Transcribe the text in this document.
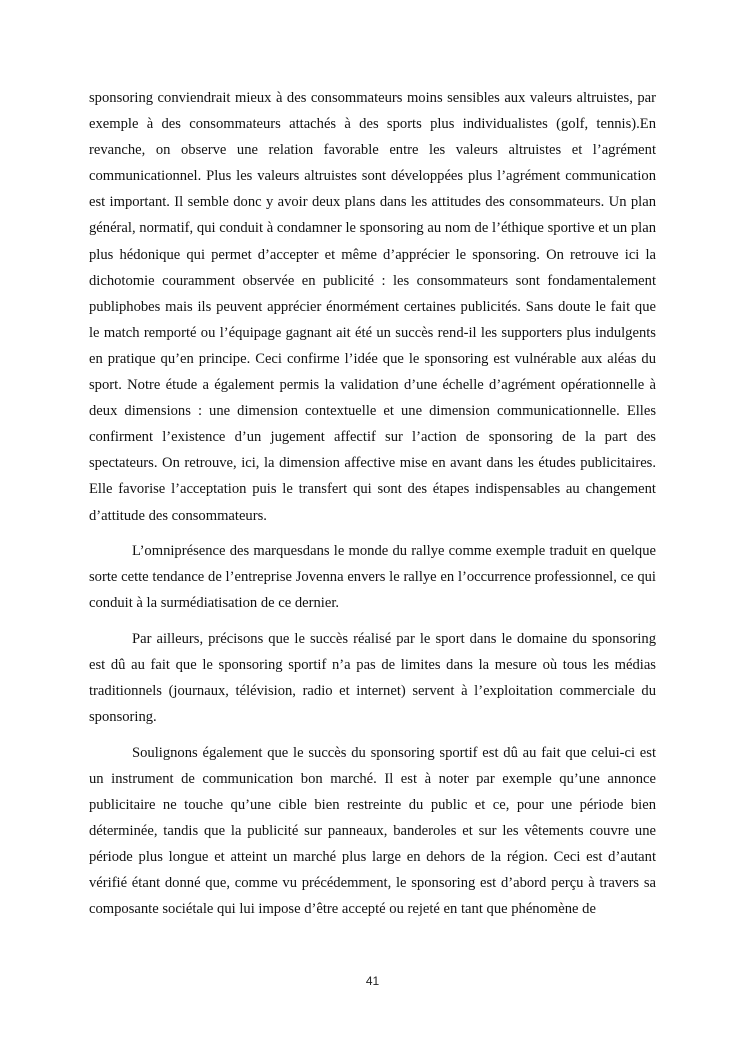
sponsoring conviendrait mieux à des consommateurs moins sensibles aux valeurs altruistes, par exemple à des consommateurs attachés à des sports plus individualistes (golf, tennis).En revanche, on observe une relation favorable entre les valeurs altruistes et l’agrément communicationnel. Plus les valeurs altruistes sont développées plus l’agrément communication est important. Il semble donc y avoir deux plans dans les attitudes des consommateurs. Un plan général, normatif, qui conduit à condamner le sponsoring au nom de l’éthique sportive et un plan plus hédonique qui permet d’accepter et même d’apprécier le sponsoring. On retrouve ici la dichotomie couramment observée en publicité : les consommateurs sont fondamentalement publiphobes mais ils peuvent apprécier énormément certaines publicités. Sans doute le fait que le match remporté ou l’équipage gagnant ait été un succès rend-il les supporters plus indulgents en pratique qu’en principe. Ceci confirme l’idée que le sponsoring est vulnérable aux aléas du sport. Notre étude a également permis la validation d’une échelle d’agrément opérationnelle à deux dimensions : une dimension contextuelle et une dimension communicationnelle. Elles confirment l’existence d’un jugement affectif sur l’action de sponsoring de la part des spectateurs. On retrouve, ici, la dimension affective mise en avant dans les études publicitaires. Elle favorise l’acceptation puis le transfert qui sont des étapes indispensables au changement d’attitude des consommateurs.

L’omniprésence des marquesdans le monde du rallye comme exemple traduit en quelque sorte cette tendance de l’entreprise Jovenna envers le rallye en l’occurrence professionnel, ce qui conduit à la surmédiatisation de ce dernier.

Par ailleurs, précisons que le succès réalisé par le sport dans le domaine du sponsoring est dû au fait que le sponsoring sportif n’a pas de limites dans la mesure où tous les médias traditionnels (journaux, télévision, radio et internet) servent à l’exploitation commerciale du sponsoring.

Soulignons également que le succès du sponsoring sportif est dû au fait que celui-ci est un instrument de communication bon marché. Il est à noter par exemple qu’une annonce publicitaire ne touche qu’une cible bien restreinte du public et ce, pour une période bien déterminée, tandis que la publicité sur panneaux, banderoles et sur les vêtements couvre une période plus longue et atteint un marché plus large en dehors de la région. Ceci est d’autant vérifié étant donné que, comme vu précédemment, le sponsoring est d’abord perçu à travers sa composante sociétale qui lui impose d’être accepté ou rejeté en tant que phénomène de

41
